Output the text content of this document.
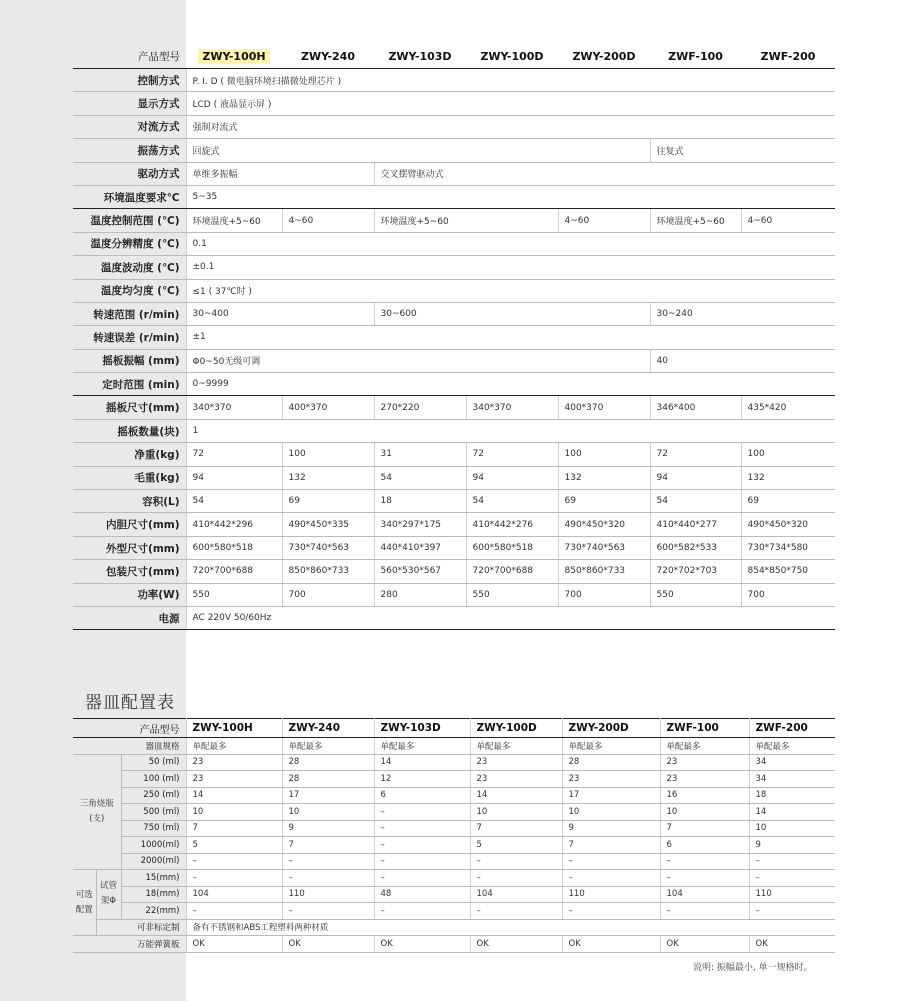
产品型号	ZWY-100H	ZWY-240	ZWY-103D	ZWY-100D	ZWY-200D	ZWF-100	ZWF-200
控制方式	P. I. D ( 微电脑环境扫描微处理芯片 )						
显示方式	LCD ( 液晶显示屏 )						
对流方式	强制对流式						
振荡方式	回旋式					往复式	
驱动方式	单维多振幅		交叉摆臂驱动式				
环境温度要求℃	5~35						
温度控制范围 (℃)	环境温度+5~60	4~60	环境温度+5~60		4~60	环境温度+5~60	4~60
温度分辨精度 (℃)	0.1						
温度波动度 (℃)	±0.1						
温度均匀度 (℃)	≤1 ( 37℃时 )						
转速范围 (r/min)	30~400		30~600			30~240	
转速误差 (r/min)	±1						
摇板振幅 (mm)	Φ0~50无级可调					40	
定时范围 (min)	0~9999						
摇板尺寸(mm)	340*370	400*370	270*220	340*370	400*370	346*400	435*420
摇板数量(块)	1						
净重(kg)	72	100	31	72	100	72	100
毛重(kg)	94	132	54	94	132	94	132
容积(L)	54	69	18	54	69	54	69
内胆尺寸(mm)	410*442*296	490*450*335	340*297*175	410*442*276	490*450*320	410*440*277	490*450*320
外型尺寸(mm)	600*580*518	730*740*563	440*410*397	600*580*518	730*740*563	600*582*533	730*734*580
包装尺寸(mm)	720*700*688	850*860*733	560*530*567	720*700*688	850*860*733	720*702*703	854*850*750
功率(W)	550	700	280	550	700	550	700
电源	AC 220V 50/60Hz						
器皿配置表
产品型号			ZWY-100H	ZWY-240	ZWY-103D	ZWY-100D	ZWY-200D	ZWF-100	ZWF-200
器皿规格			单配最多	单配最多	单配最多	单配最多	单配最多	单配最多	单配最多
三角烧瓶(支)		50 (ml)	23	28	14	23	28	23	34
		100 (ml)	23	28	12	23	23	23	34
		250 (ml)	14	17	6	14	17	16	18
		500 (ml)	10	10	–	10	10	10	14
		750 (ml)	7	9	–	7	9	7	10
		1000(ml)	5	7	–	5	7	6	9
		2000(ml)	–	–	–	–	–	–	–
可选配置	试管架Φ	15(mm)	–	–	–	–	–	–	–
		18(mm)	104	110	48	104	110	104	110
		22(mm)	–	–	–	–	–	–	–
	可非标定制		备有不锈钢和ABS工程塑料两种材质						
万能弹簧板			OK	OK	OK	OK	OK	OK	OK
说明: 振幅最小, 单一规格时。
